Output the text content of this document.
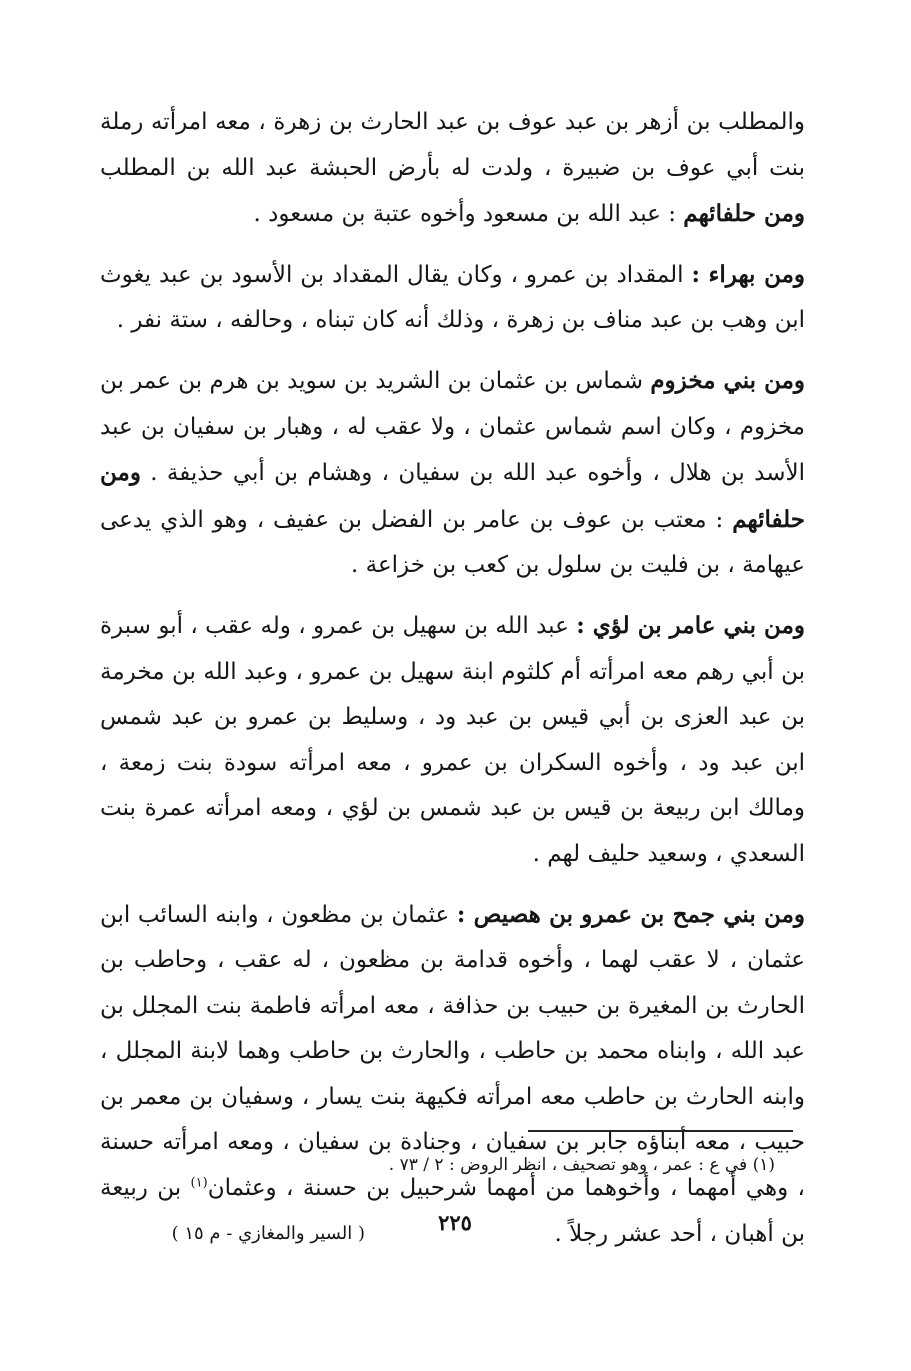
والمطلب بن أزهر بن عبد عوف بن عبد الحارث بن زهرة ، معه امرأته رملة بنت أبي عوف بن ضبيرة ، ولدت له بأرض الحبشة عبد الله بن المطلب ومن حلفائهم : عبد الله بن مسعود وأخوه عتبة بن مسعود .

ومن بهراء : المقداد بن عمرو ، وكان يقال المقداد بن الأسود بن عبد يغوث ابن وهب بن عبد مناف بن زهرة ، وذلك أنه كان تبناه ، وحالفه ، ستة نفر .

ومن بني مخزوم شماس بن عثمان بن الشريد بن سويد بن هرم بن عمر بن مخزوم ، وكان اسم شماس عثمان ، ولا عقب له ، وهبار بن سفيان بن عبد الأسد بن هلال ، وأخوه عبد الله بن سفيان ، وهشام بن أبي حذيفة . ومن حلفائهم : معتب بن عوف بن عامر بن الفضل بن عفيف ، وهو الذي يدعى عيهامة ، بن فليت بن سلول بن كعب بن خزاعة .

ومن بني عامر بن لؤي : عبد الله بن سهيل بن عمرو ، وله عقب ، أبو سبرة بن أبي رهم معه امرأته أم كلثوم ابنة سهيل بن عمرو ، وعبد الله بن مخرمة بن عبد العزى بن أبي قيس بن عبد ود ، وسليط بن عمرو بن عبد شمس ابن عبد ود ، وأخوه السكران بن عمرو ، معه امرأته سودة بنت زمعة ، ومالك ابن ربيعة بن قيس بن عبد شمس بن لؤي ، ومعه امرأته عمرة بنت السعدي ، وسعيد حليف لهم .

ومن بني جمح بن عمرو بن هصيص : عثمان بن مظعون ، وابنه السائب ابن عثمان ، لا عقب لهما ، وأخوه قدامة بن مظعون ، له عقب ، وحاطب بن الحارث بن المغيرة بن حبيب بن حذافة ، معه امرأته فاطمة بنت المجلل بن عبد الله ، وابناه محمد بن حاطب ، والحارث بن حاطب وهما لابنة المجلل ، وابنه الحارث بن حاطب معه امرأته فكيهة بنت يسار ، وسفيان بن معمر بن حبيب ، معه أبناؤه جابر بن سفيان ، وجنادة بن سفيان ، ومعه امرأته حسنة ، وهي أمهما ، وأخوهما من أمهما شرحبيل بن حسنة ، وعثمان$^{(١)}$ بن ربيعة بن أهبان ، أحد عشر رجلاً .

(١) في ع : عمر ، وهو تصحيف ، انظر الروض : ٢ / ٧٣ .
٢٢٥
( السير والمغازي - م ١٥ )
